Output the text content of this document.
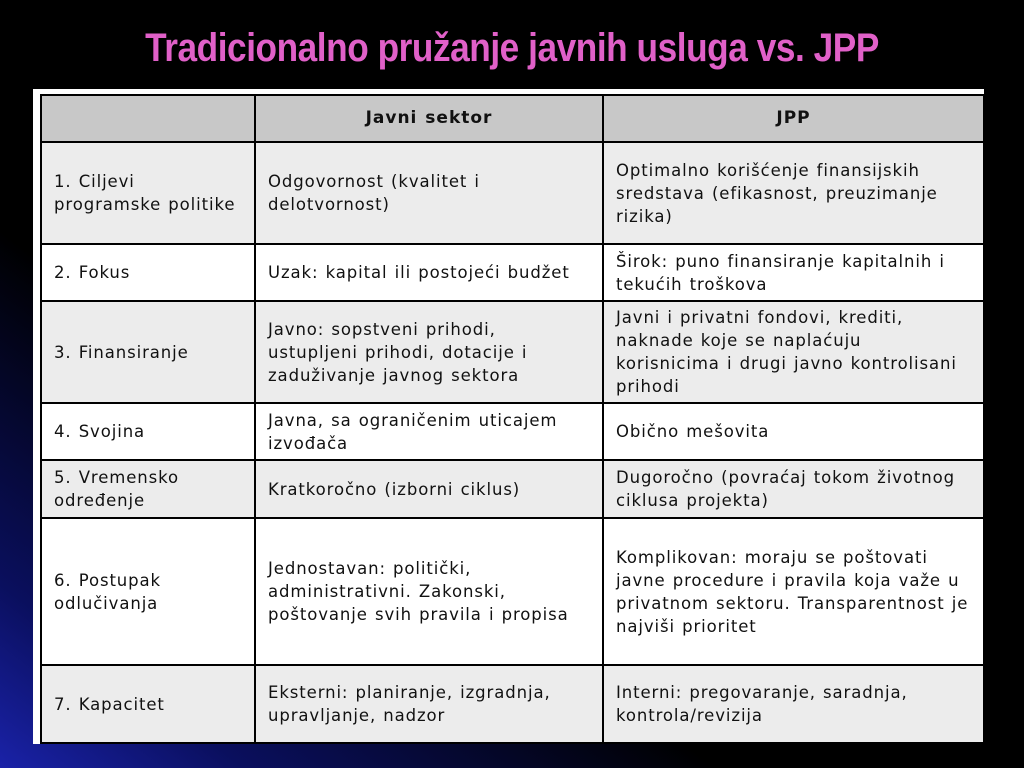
Tradicionalno pružanje javnih usluga vs. JPP
	Javni sektor	JPP
1. Ciljevi programske politike	Odgovornost (kvalitet i delotvornost)	Optimalno korišćenje finansijskih sredstava (efikasnost, preuzimanje rizika)
2. Fokus	Uzak: kapital ili postojeći budžet	Širok: puno finansiranje kapitalnih i tekućih troškova
3. Finansiranje	Javno: sopstveni prihodi, ustupljeni prihodi, dotacije i zaduživanje javnog sektora	Javni i privatni fondovi, krediti, naknade koje se naplaćuju korisnicima i drugi javno kontrolisani prihodi
4. Svojina	Javna, sa ograničenim uticajem izvođača	Obično mešovita
5. Vremensko određenje	Kratkoročno (izborni ciklus)	Dugoročno (povraćaj tokom životnog ciklusa projekta)
6. Postupak odlučivanja	Jednostavan: politički, administrativni. Zakonski, poštovanje svih pravila i propisa	Komplikovan: moraju se poštovati javne procedure i pravila koja važe u privatnom sektoru. Transparentnost je najviši prioritet
7. Kapacitet	Eksterni: planiranje, izgradnja, upravljanje, nadzor	Interni: pregovaranje, saradnja, kontrola/revizija
